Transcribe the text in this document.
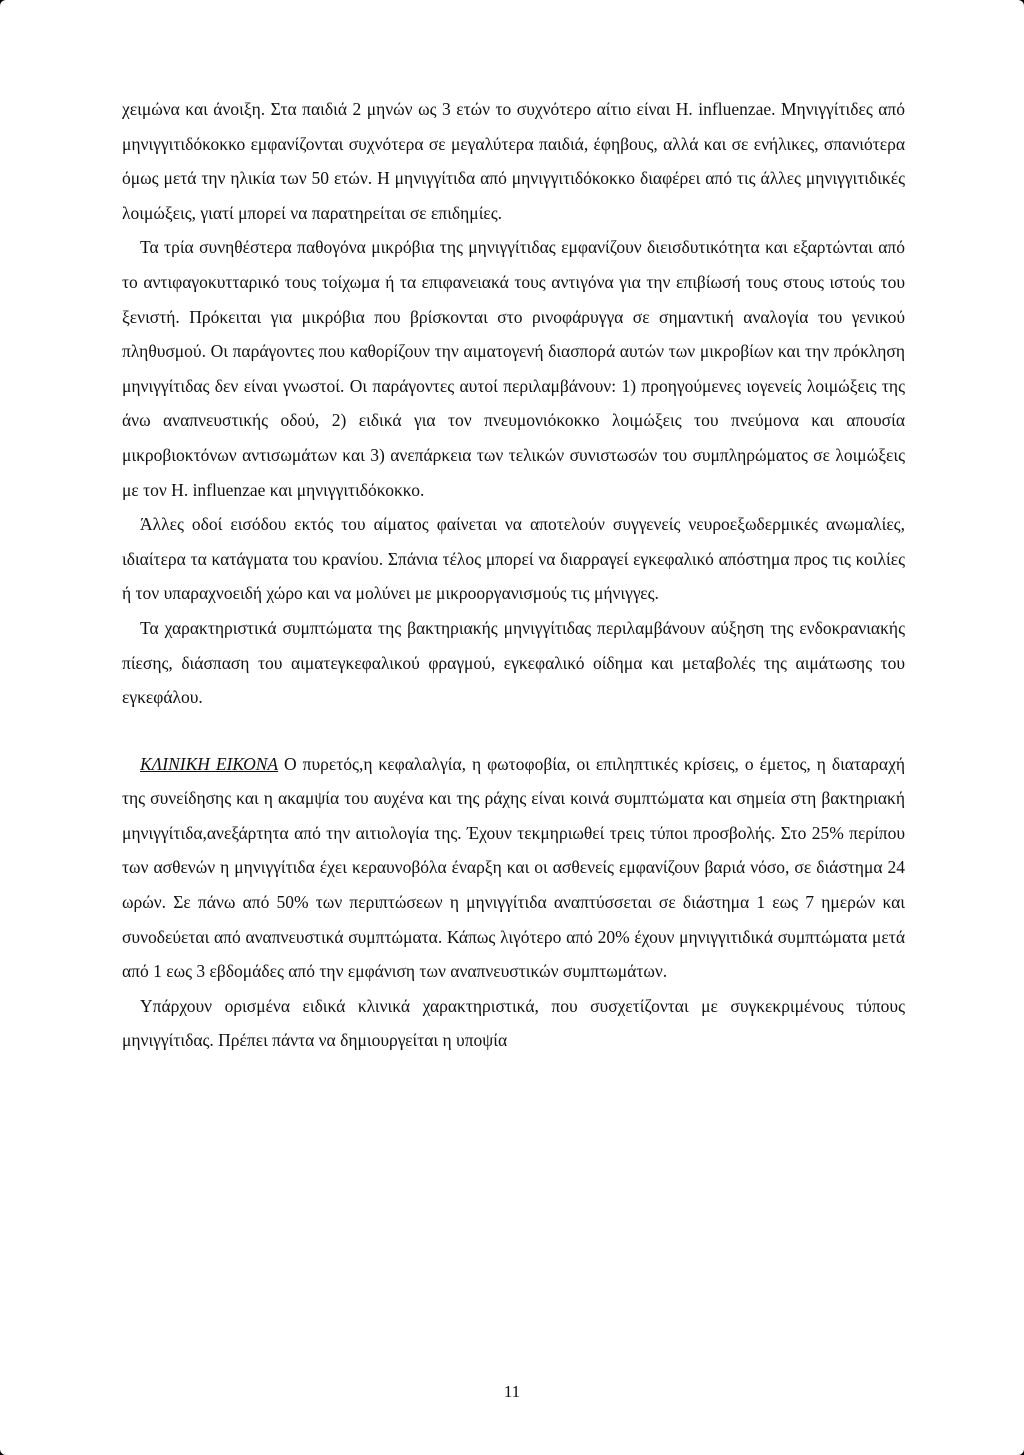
χειμώνα και άνοιξη. Στα παιδιά 2 μηνών ως 3 ετών το συχνότερο αίτιο είναι H. influenzae. Μηνιγγίτιδες από μηνιγγιτιδόκοκκο εμφανίζονται συχνότερα σε μεγαλύτερα παιδιά, έφηβους, αλλά και σε ενήλικες, σπανιότερα όμως μετά την ηλικία των 50 ετών. Η μηνιγγίτιδα από μηνιγγιτιδόκοκκο διαφέρει από τις άλλες μηνιγγιτιδικές λοιμώξεις, γιατί μπορεί να παρατηρείται σε επιδημίες.

Τα τρία συνηθέστερα παθογόνα μικρόβια της μηνιγγίτιδας εμφανίζουν διεισδυτικότητα και εξαρτώνται από το αντιφαγοκυτταρικό τους τοίχωμα ή τα επιφανειακά τους αντιγόνα για την επιβίωσή τους στους ιστούς του ξενιστή. Πρόκειται για μικρόβια που βρίσκονται στο ρινοφάρυγγα σε σημαντική αναλογία του γενικού πληθυσμού. Οι παράγοντες που καθορίζουν την αιματογενή διασπορά αυτών των μικροβίων και την πρόκληση μηνιγγίτιδας δεν είναι γνωστοί. Οι παράγοντες αυτοί περιλαμβάνουν: 1) προηγούμενες ιογενείς λοιμώξεις της άνω αναπνευστικής οδού, 2) ειδικά για τον πνευμονιόκοκκο λοιμώξεις του πνεύμονα και απουσία μικροβιοκτόνων αντισωμάτων και 3) ανεπάρκεια των τελικών συνιστωσών του συμπληρώματος σε λοιμώξεις με τον H. influenzae και μηνιγγιτιδόκοκκο.

Άλλες οδοί εισόδου εκτός του αίματος φαίνεται να αποτελούν συγγενείς νευροεξωδερμικές ανωμαλίες, ιδιαίτερα τα κατάγματα του κρανίου. Σπάνια τέλος μπορεί να διαρραγεί εγκεφαλικό απόστημα προς τις κοιλίες ή τον υπαραχνοειδή χώρο και να μολύνει με μικροοργανισμούς τις μήνιγγες.

Τα χαρακτηριστικά συμπτώματα της βακτηριακής μηνιγγίτιδας περιλαμβάνουν αύξηση της ενδοκρανιακής πίεσης, διάσπαση του αιματεγκεφαλικού φραγμού, εγκεφαλικό οίδημα και μεταβολές της αιμάτωσης του εγκεφάλου.

ΚΛΙΝΙΚΗ ΕΙΚΟΝΑ Ο πυρετός,η κεφαλαλγία, η φωτοφοβία, οι επιληπτικές κρίσεις, ο έμετος, η διαταραχή της συνείδησης και η ακαμψία του αυχένα και της ράχης είναι κοινά συμπτώματα και σημεία στη βακτηριακή μηνιγγίτιδα,ανεξάρτητα από την αιτιολογία της. Έχουν τεκμηριωθεί τρεις τύποι προσβολής. Στο 25% περίπου των ασθενών η μηνιγγίτιδα έχει κεραυνοβόλα έναρξη και οι ασθενείς εμφανίζουν βαριά νόσο, σε διάστημα 24 ωρών. Σε πάνω από 50% των περιπτώσεων η μηνιγγίτιδα αναπτύσσεται σε διάστημα 1 εως 7 ημερών και συνοδεύεται από αναπνευστικά συμπτώματα. Κάπως λιγότερο από 20% έχουν μηνιγγιτιδικά συμπτώματα μετά από 1 εως 3 εβδομάδες από την εμφάνιση των αναπνευστικών συμπτωμάτων.

Υπάρχουν ορισμένα ειδικά κλινικά χαρακτηριστικά, που συσχετίζονται με συγκεκριμένους τύπους μηνιγγίτιδας. Πρέπει πάντα να δημιουργείται η υποψία

11
